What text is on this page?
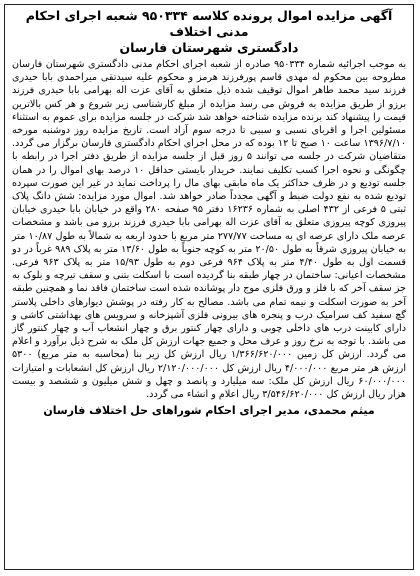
آگهی مزایده اموال پرونده کلاسه ۹۵۰۳۳۴ شعبه اجرای احکام مدنی اختلاف
دادگستری شهرستان فارسان

به موجب اجرائیه شماره ۹۵۰۳۳۴ صادره از شعبه اجرای احکام مدنی دادگستری شهرستان فارسان مطروحه بین محکوم له مهدی قاسم پورفرزند هرمز و محکوم علیه سیدتقی میراحمدی بابا حیدری فرزند سید محمد طاهر اموال توقیف شده ذیل متعلق به آقای عزت اله بهرامی بابا حیدری فرزند برزو از طریق مزایده به فروش می رسد مزایده از مبلغ کارشناسی زیر شروع و هر کس بالاترین قیمت را پیشنهاد کند برنده مزایده شناخته خواهد شد شرکت در جلسه مزایده برای عموم به استثناء مسئولین اجرا و اقربای نسبی و سببی تا درجه سوم آزاد است. تاریخ مزایده روز دوشنبه مورخه ۱۳۹۶/۷/۱۰ ساعت ۱۰ صبح تا ۱۲ بوده که در محل اجرای احکام دادگستری فارسان برگزار می گردد. متقاضیان شرکت در جلسه می توانند ۵ روز قبل از جلسه مزایده از طریق دفتر اجرا در رابطه با چگونگی و نحوه اجرا کسب تکلیف نمایند. خریدار بایستی حداقل ۱۰ درصد بهای اموال را در همان جلسه تودیع و در ظرف حداکثر یک ماه مابقی بهای مال را پرداخت نماید در غیر این صورت سپرده تودیع شده به نفع دولت ضبط و آگهی مجدداً صادر خواهد شد. اموال مورد مزایده: شش دانگ پلاک ثبتی ۵ فرعی از ۴۳۲ اصلی به شماره ۱۶۲۳۶ دفتر ۹۵ صفحه ۲۸۰ واقع در خیابان بابا حیدری خیابان پیروزی کوچه پیروزی متعلق به آقای عزت اله بهرامی بابا حیدری فرزند برزو می باشد و مشخصات عرصه ملک دارای عرصه ای به مساحت ۲۷۷/۷۷ متر مربع با حدود اربعه به شمالاً به طول ۱۰/۸۷ متر به خیابان پیروزی شرقاً به طول ۲۰/۵۰ متر به کوچه جنوباً به طول ۱۳/۶۰ متر به پلاک ۹۸۹ غرباً در دو قسمت اول به طول ۴/۴۰ متر به پلاک ۹۶۴ فرعی دوم به طول ۱۵/۹۳ متر به پلاک ۹۶۳ فرعی. مشخصات اعیانی: ساختمان در چهار طبقه بنا گردیده است با اسکلت بتنی و سقف تیرچه و بلوک به جز سقف آخر که با فلز و ورق فلزی موج دار پوشانده شده است ساختمان فاقد نما و همچنین طبقه آخر به صورت اسکلت و نیمه تمام می باشد. مصالح به کار رفته در پوشش دیوارهای داخلی پلاستر گچ سفید کف سرامیک درب و پنجره های بیرونی فلزی آشپزخانه و سرویس های بهداشتی کاشی و دارای کابینت درب های داخلی چوبی و دارای چهار کنتور برق و چهار انشعاب آب و چهار کنتور گاز می باشد. با توجه به نرخ روز و عرف محل و جمیع جهات ارزش کل ملک به شرح ذیل برآورد و اعلام می گردد. ارزش کل زمین ۱/۳۶۶/۶۲۰/۰۰۰ ریال ارزش کل زیر بنا (محاسبه به متر مربع) ۵۳۰۰ ارزش هر متر مربع ۴/۰۰۰/۰۰۰ ریال ارزش کل ۲/۱۲۰/۰۰۰/۰۰۰ ریال ارزش کل انشعابات و امتیازات ۶۰/۰۰۰/۰۰۰ ریال ارزش کل ملک: سه میلیارد و پانصد و چهل و شش میلیون و ششصد و بیست هزار ریال ارزش کل ۳/۵۴۶/۶۲۰/۰۰۰ ریال اعلام و انشاء می گردد.

میثم محمدی، مدیر اجرای احکام شوراهای حل اختلاف فارسان
